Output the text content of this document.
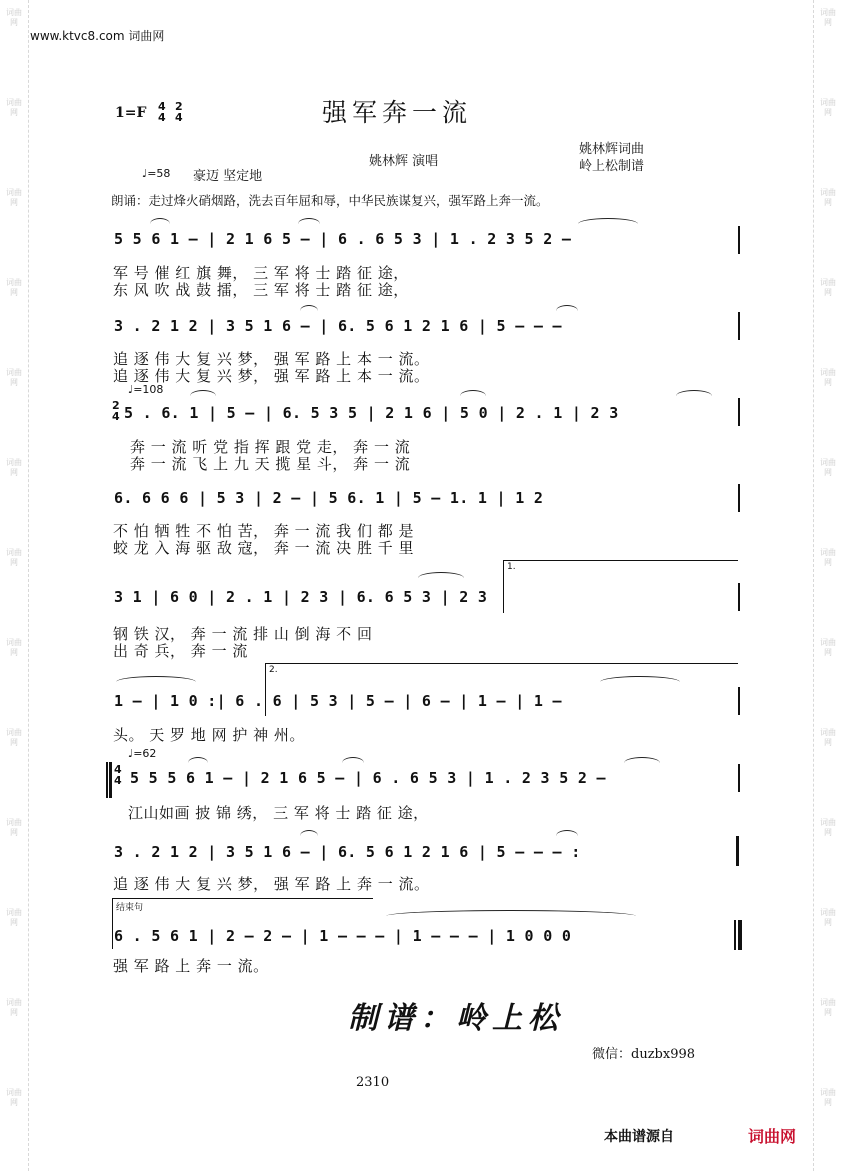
词曲网
词曲网
词曲网
词曲网
词曲网
词曲网
词曲网
词曲网
词曲网
词曲网
词曲网
词曲网
词曲网
词曲网
词曲网
词曲网
词曲网
词曲网
词曲网
词曲网
词曲网
词曲网
词曲网
词曲网
词曲网
词曲网
www.ktvc8.com 词曲网
1=F 4
4
2
4	强军奔一流
姚林辉 演唱
姚林辉词曲
岭上松制谱
♩=58 豪迈 坚定地
朗诵：走过烽火硝烟路，洗去百年屈和辱，中华民族谋复兴，强军路上奔一流。
5 5 6 1 – | 2 1 6 5 – | 6 . 6 5 3 | 1 . 2 3 5 2 –
军 号 催 红 旗 舞， 三 军 将 士 踏 征 途，
东 风 吹 战 鼓 擂， 三 军 将 士 踏 征 途，
3 . 2 1 2 | 3 5 1 6 – | 6. 5 6 1 2 1 6 | 5 – – –
追 逐 伟 大 复 兴 梦， 强 军 路 上 本 一 流。
追 逐 伟 大 复 兴 梦， 强 军 路 上 本 一 流。
♩=108
2
4 5 . 6. 1 | 5 – | 6. 5 3 5 | 2 1 6 | 5 0 | 2 . 1 | 2 3
奔 一 流 听 党 指 挥 跟 党 走， 奔 一 流
奔 一 流 飞 上 九 天 揽 星 斗， 奔 一 流
6. 6 6 6 | 5 3 | 2 – | 5 6. 1 | 5 – 1. 1 | 1 2
不 怕 牺 牲 不 怕 苦， 奔 一 流 我 们 都 是
蛟 龙 入 海 驱 敌 寇， 奔 一 流 决 胜 千 里
1.
3 1 | 6 0 | 2 . 1 | 2 3 | 6. 6 5 3 | 2 3
钢 铁 汉， 奔 一 流 排 山 倒 海 不 回
出 奇 兵， 奔 一 流
2.
1 – | 1 0 :| 6 . 6 | 5 3 | 5 – | 6 – | 1 – | 1 –
头。 天 罗 地 网 护 神 州。
♩=62
4
4 5 5 5 6 1 – | 2 1 6 5 – | 6 . 6 5 3 | 1 . 2 3 5 2 –
江山如画 披 锦 绣， 三 军 将 士 踏 征 途，
3 . 2 1 2 | 3 5 1 6 – | 6. 5 6 1 2 1 6 | 5 – – – :
追 逐 伟 大 复 兴 梦， 强 军 路 上 奔 一 流。
结束句
6 . 5 6 1 | 2 – 2 – | 1 – – – | 1 – – – | 1 0 0 0
强 军 路 上 奔 一 流。
制谱：岭上松
微信：duzbx998
2310
本曲谱源自	词曲网
